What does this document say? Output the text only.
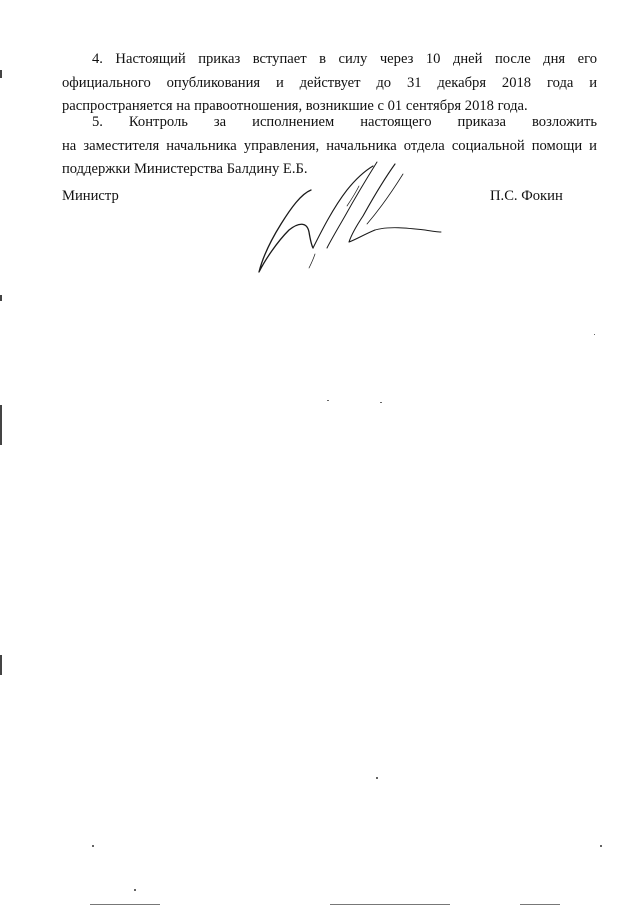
4. Настоящий приказ вступает в силу через 10 дней после дня его
официального опубликования и действует до 31 декабря 2018 года и
распространяется на правоотношения, возникшие с 01 сентября 2018 года.
5. Контроль за исполнением настоящего приказа возложить
на заместителя начальника управления, начальника отдела социальной помощи и
поддержки Министерства Балдину Е.Б.
Министр	П.С. Фокин
